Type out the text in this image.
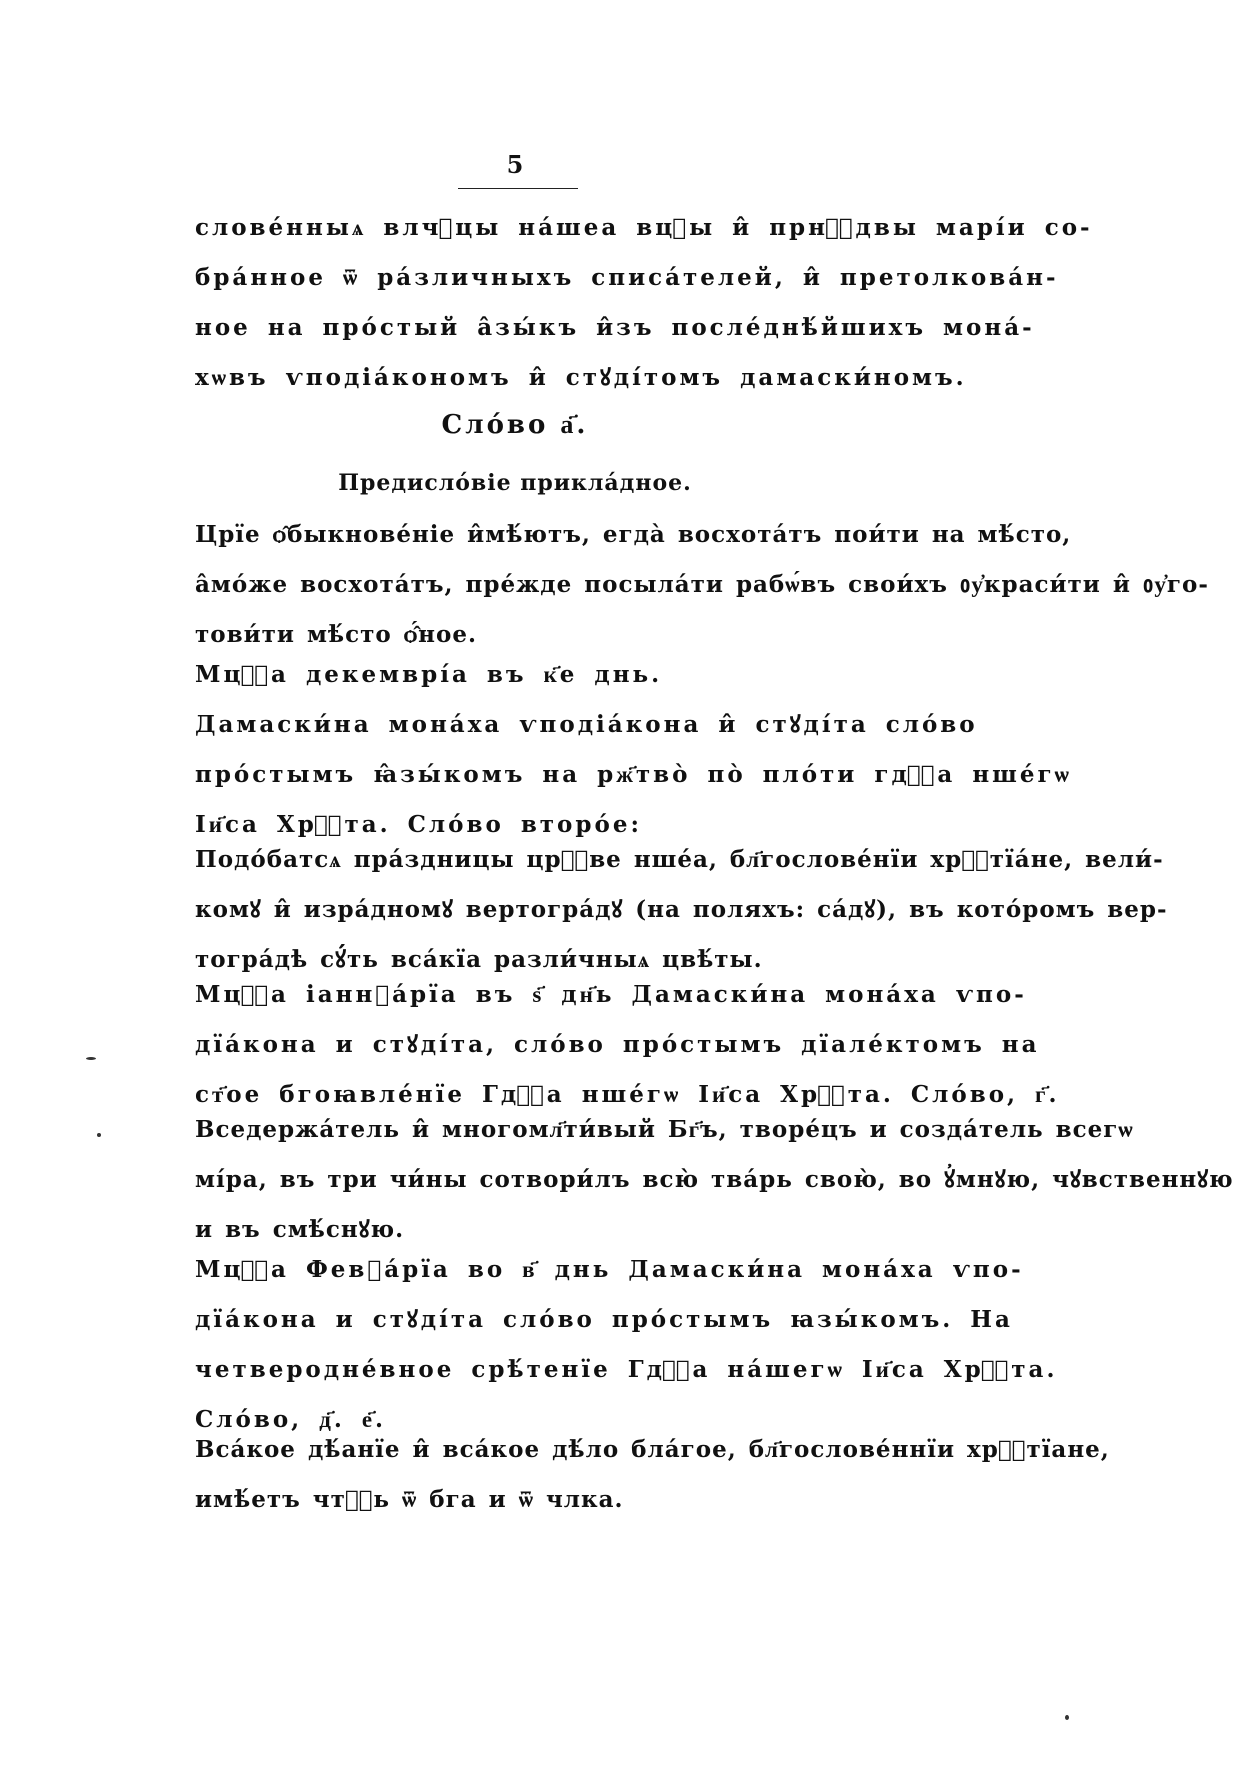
5
слове́нныѧ влчⷰцы на́шеа вцⷣы и̂ прнⷪ҇двы марі́и со-
бра́нное ѿ ра́зличныхъ списа́телей, и̂ претолкова́н-
ное на про́стый а̂зы́къ и̂зъ после́днѣ́йшихъ мона́-
хѡвъ ѵподіа́кономъ и̂ стꙋді́томъ дамаски́номъ.
Сло́во а҃.
Предисло́віе прикла́дное.
Црїе ѻ̂быкнове́ніе и̂мѣ́ютъ, егда̀ восхота́тъ пои́ти на мѣ́сто,
а̂мо́же восхота́тъ, пре́жде посыла́ти рабѡ́въ свои́хъ ᲂу҆краси́ти и̂ ᲂу҆го-
тови́ти мѣ́сто ѻ̂́ное.
Мцⷭ҇а декемврі́а въ к҃е днь.
Дамаски́на мона́ха ѵподіа́кона и̂ стꙋді́та сло́во
про́стымъ ꙗ̂зы́комъ на рж҃тво̀ по̀ пло́ти гдⷭ҇а нше́гѡ
Іи҃са Хрⷭ҇та. Сло́во второ́е:
Подо́батсѧ пра́здницы црⷦ҇ве нше́а, бл҃гослове́нїи хрⷭ҇тїа́не, вели́-
комꙋ и̂ изра́дномꙋ вертогра́дꙋ (на поляхъ: са́дꙋ), въ кото́ромъ вер-
тогра́дѣ сꙋ́ть вса́кїа разли́чныѧ цвѣ́ты.
Мцⷭ҇а іаннꙋа́рїа въ ѕ҃ дн҃ь Дамаски́на мона́ха ѵпо-
дїа́кона и стꙋді́та, сло́во про́стымъ дїале́ктомъ на
ст҃ое бгоꙗвле́нїе Гдⷭ҇а нше́гѡ Іи҃са Хрⷭ҇та. Сло́во, г҃.
Вседержа́тель и̂ многомл҃ти́вый Бг҃ъ, творе́цъ и созда́тель всегѡ
мі́ра, въ три чи́ны сотвори́лъ всю̀ тва́рь свою̀, во ꙋ҆мнꙋю, чꙋвственнꙋю
и въ смѣ́снꙋю.
Мцⷭ҇а Февꙋа́рїа во в҃ днь Дамаски́на мона́ха ѵпо-
дїа́кона и стꙋді́та сло́во про́стымъ ꙗзы́комъ. На
четверодне́вное срѣ́тенїе Гдⷭ҇а на́шегѡ Іи҃са Хрⷭ҇та.
Сло́во, д҃. е҃.
Вса́кое дѣ́анїе и̂ вса́кое дѣ́ло бла́гое, бл҃гослове́ннїи хрⷭ҇тїане,
имѣ́етъ чтⷭ҇ь ѿ бга и ѿ члка.
